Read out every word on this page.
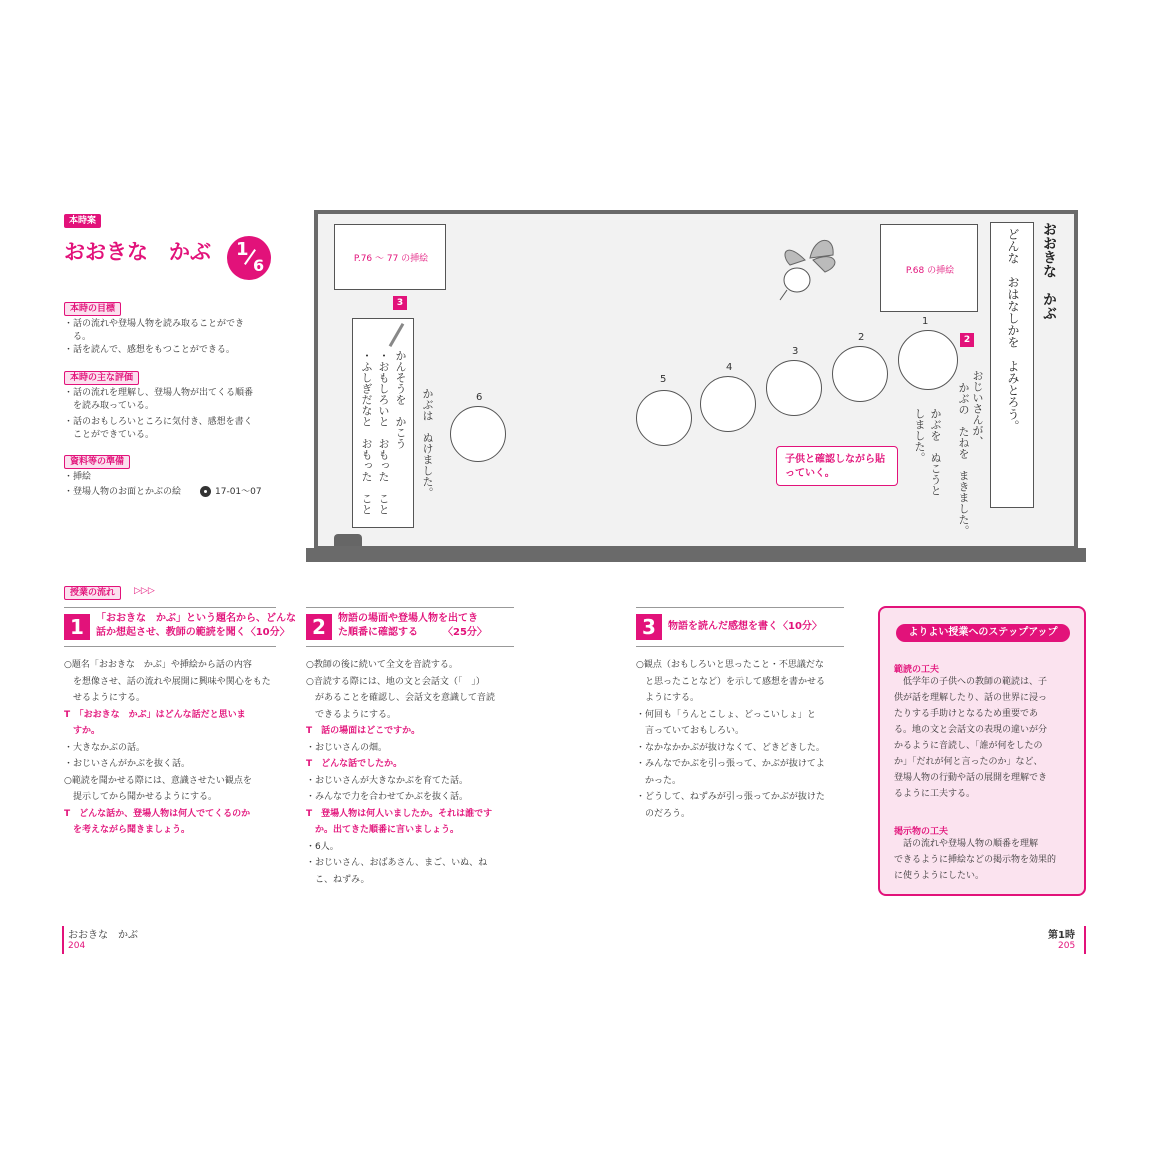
本時案
おおきな　かぶ 1
6
本時の目標
・話の流れや登場人物を読み取ることができ
　る。
・話を読んで、感想をもつことができる。
本時の主な評価
・話の流れを理解し、登場人物が出てくる順番
　を読み取っている。
・話のおもしろいところに気付き、感想を書く
　ことができている。
資料等の準備
・挿絵
・登場人物のお面とかぶの絵	17-01〜07
おおきな　かぶ
どんな　おはなしかを　よみとろう。
おじいさんが、
かぶの　たねを　まきました。
かぶを　ぬこうと
しました。
かぶは　ぬけました。
P.68 の挿絵
P.76 〜 77 の挿絵
かんそうを　かこう
・おもしろいと　おもった　こと
・ふしぎだなと　おもった　こと
3
2
1
2
3
4
5
6
子供と確認しながら貼っていく。
授業の流れ	▷▷▷
1	「おおきな　かぶ」という題名から、どんな
話か想起させ、教師の範読を聞く〈10分〉	2	物語の場面や登場人物を出てき
た順番に確認する　　　〈25分〉	3	物語を読んだ感想を書く〈10分〉
よりよい授業へのステップアップ
範読の工夫
掲示物の工夫
　低学年の子供への教師の範読は、子
供が話を理解したり、話の世界に浸っ
たりする手助けとなるため重要であ
る。地の文と会話文の表現の違いが分
かるように音読し、「誰が何をしたの
か」「だれが何と言ったのか」など、
登場人物の行動や話の展開を理解でき
るように工夫する。
　話の流れや登場人物の順番を理解
できるように挿絵などの掲示物を効果的
に使うようにしたい。
おおきな　かぶ
204
第1時
205
○題名「おおきな　かぶ」や挿絵から話の内容
　を想像させ、話の流れや展開に興味や関心をもた
　せるようにする。
T　「おおきな　かぶ」はどんな話だと思いま
　すか。
・大きなかぶの話。
・おじいさんがかぶを抜く話。
○範読を聞かせる際には、意識させたい観点を
　提示してから聞かせるようにする。
T　どんな話か、登場人物は何人でてくるのか
　を考えながら聞きましょう。
○教師の後に続いて全文を音読する。
○音読する際には、地の文と会話文（「　」）
　があることを確認し、会話文を意識して音読
　できるようにする。
T　話の場面はどこですか。
・おじいさんの畑。
T　どんな話でしたか。
・おじいさんが大きなかぶを育てた話。
・みんなで力を合わせてかぶを抜く話。
T　登場人物は何人いましたか。それは誰です
　か。出てきた順番に言いましょう。
・6人。
・おじいさん、おばあさん、まご、いぬ、ね
　こ、ねずみ。
○観点（おもしろいと思ったこと・不思議だな
　と思ったことなど）を示して感想を書かせる
　ようにする。
・何回も「うんとこしょ、どっこいしょ」と
　言っていておもしろい。
・なかなかかぶが抜けなくて、どきどきした。
・みんなでかぶを引っ張って、かぶが抜けてよ
　かった。
・どうして、ねずみが引っ張ってかぶが抜けた
　のだろう。
